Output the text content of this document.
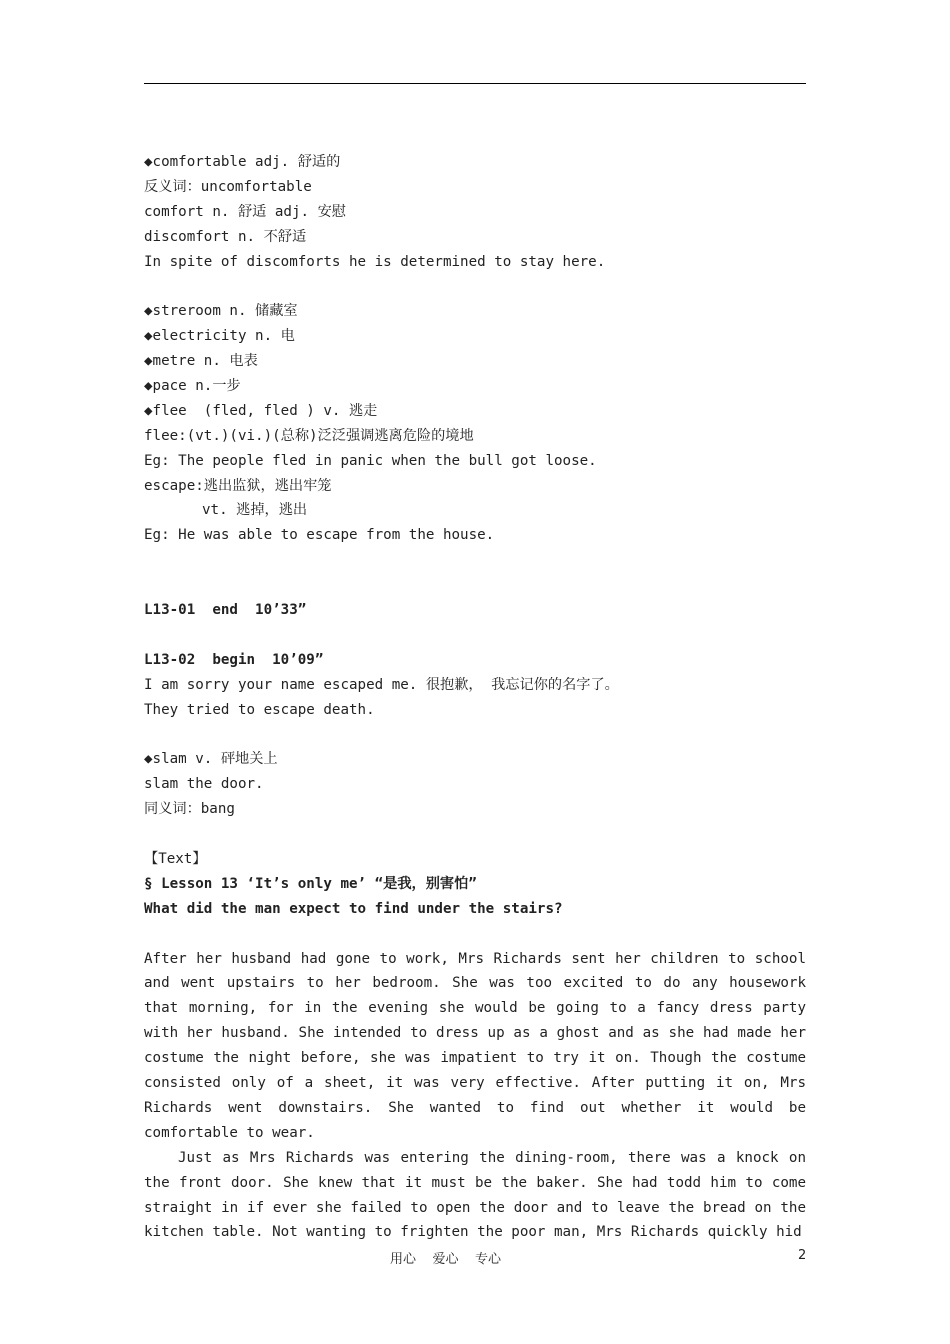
◆comfortable adj. 舒适的
反义词：uncomfortable
comfort n. 舒适 adj. 安慰
discomfort n. 不舒适
In spite of discomforts he is determined to stay here.
◆streroom n. 储藏室
◆electricity n. 电
◆metre n. 电表
◆pace n.一步
◆flee  (fled, fled ) v. 逃走
flee:(vt.)(vi.)(总称)泛泛强调逃离危险的境地
Eg: The people fled in panic when the bull got loose.
escape:逃出监狱，逃出牢笼
vt. 逃掉，逃出
Eg: He was able to escape from the house.
L13-01  end  10’33”
L13-02  begin  10’09”
I am sorry your name escaped me. 很抱歉， 我忘记你的名字了。
They tried to escape death.
◆slam v. 砰地关上
slam the door.
同义词：bang
【Text】
§ Lesson 13 ‘It’s only me’ “是我，别害怕”
What did the man expect to find under the stairs?

After her husband had gone to work, Mrs Richards sent her children to school and went upstairs to her bedroom. She was too excited to do any housework that morning, for in the evening she would be going to a fancy dress party with her husband. She intended to dress up as a ghost and as she had made her costume the night before, she was impatient to try it on. Though the costume consisted only of a sheet, it was very effective. After putting it on, Mrs Richards went downstairs. She wanted to find out whether it would be comfortable to wear.

Just as Mrs Richards was entering the dining-room, there was a knock on the front door. She knew that it must be the baker. She had todd him to come straight in if ever she failed to open the door and to leave the bread on the kitchen table. Not wanting to frighten the poor man, Mrs Richards quickly hid

用心    爱心    专心	2
